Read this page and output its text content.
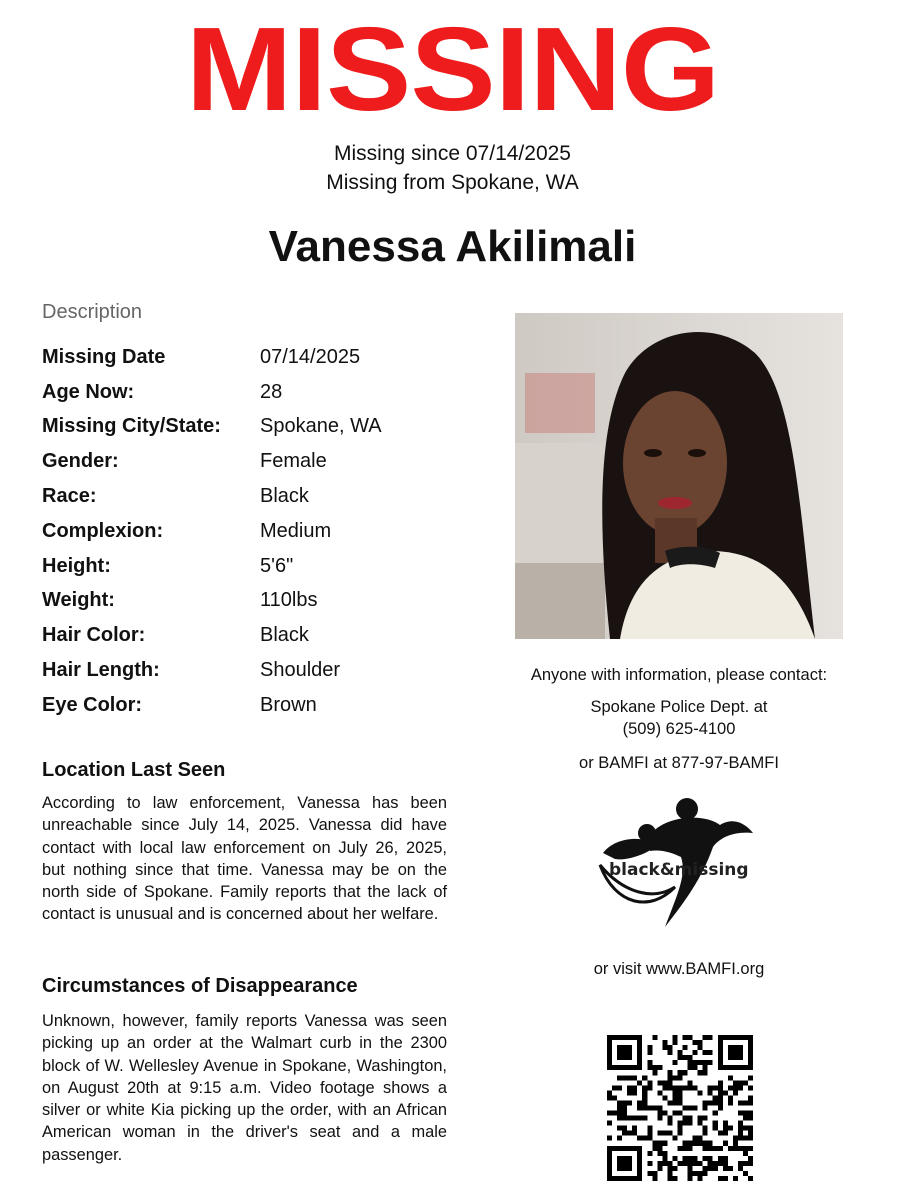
MISSING
Missing since 07/14/2025
Missing from Spokane, WA
Vanessa Akilimali
Description
Missing Date	07/14/2025
Age Now:	28
Missing City/State:	Spokane, WA
Gender:	Female
Race:	Black
Complexion:	Medium
Height:	5'6"
Weight:	110lbs
Hair Color:	Black
Hair Length:	Shoulder
Eye Color:	Brown
Location Last Seen
According to law enforcement, Vanessa has been unreachable since July 14, 2025. Vanessa did have contact with local law enforcement on July 26, 2025, but nothing since that time. Vanessa may be on the north side of Spokane. Family reports that the lack of contact is unusual and is concerned about her welfare.
Circumstances of Disappearance
Unknown, however, family reports Vanessa was seen picking up an order at the Walmart curb in the 2300 block of W. Wellesley Avenue in Spokane, Washington, on August 20th at 9:15 a.m. Video footage shows a silver or white Kia picking up the order, with an African American woman in the driver's seat and a male passenger.
Anyone with information, please contact:
Spokane Police Dept. at
(509) 625-4100
or BAMFI at 877-97-BAMFI
black&missing
or visit www.BAMFI.org
